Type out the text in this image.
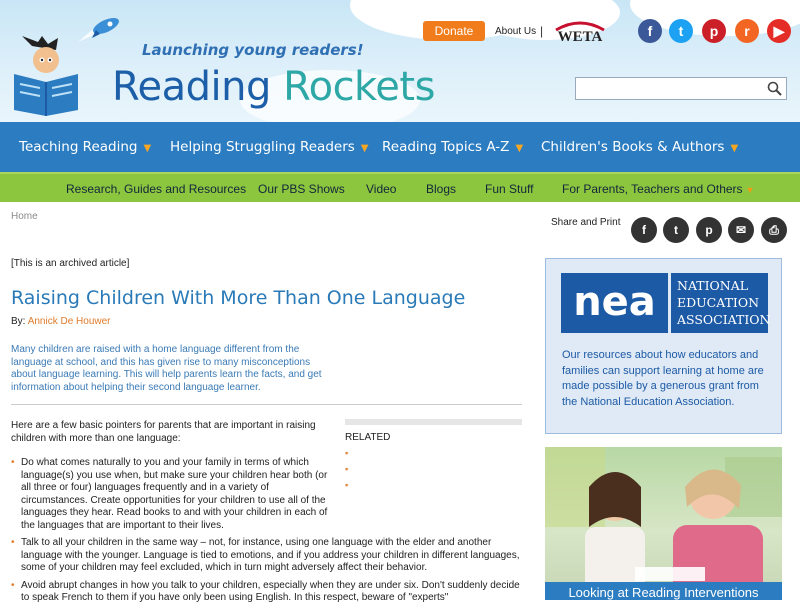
Launching young readers!
Reading Rockets
Donate	About Us | WETA	f	t	p	r	▶
Teaching Reading ▼ Helping Struggling Readers ▼ Reading Topics A-Z ▼ Children's Books & Authors ▼
Research, Guides and Resources Our PBS Shows Video Blogs Fun Stuff For Parents, Teachers and Others ▼
Home
[This is an archived article]
Raising Children With More Than One Language
By: Annick De Houwer
Many children are raised with a home language different from the language at school, and this has given rise to many misconceptions about language learning. This will help parents learn the facts, and get information about helping their second language learner.
Here are a few basic pointers for parents that are important in raising children with more than one language:
• Do what comes naturally to you and your family in terms of which language(s) you use when, but make sure your children hear both (or all three or four) languages frequently and in a variety of circumstances. Create opportunities for your children to use all of the languages they hear. Read books to and with your children in each of the languages that are important to their lives.
• Talk to all your children in the same way – not, for instance, using one language with the elder and another language with the younger. Language is tied to emotions, and if you address your children in different languages, some of your children may feel excluded, which in turn might adversely affect their behavior.
• Avoid abrupt changes in how you talk to your children, especially when they are under six. Don't suddenly decide to speak French to them if you have only been using English. In this respect, beware of "experts"
RELATED
▪
▪
▪
Share and Print
f	t	p	✉	⎙
nea	NATIONAL EDUCATION ASSOCIATION
Our resources about how educators and families can support learning at home are made possible by a generous grant from the National Education Association.
Looking at Reading Interventions
